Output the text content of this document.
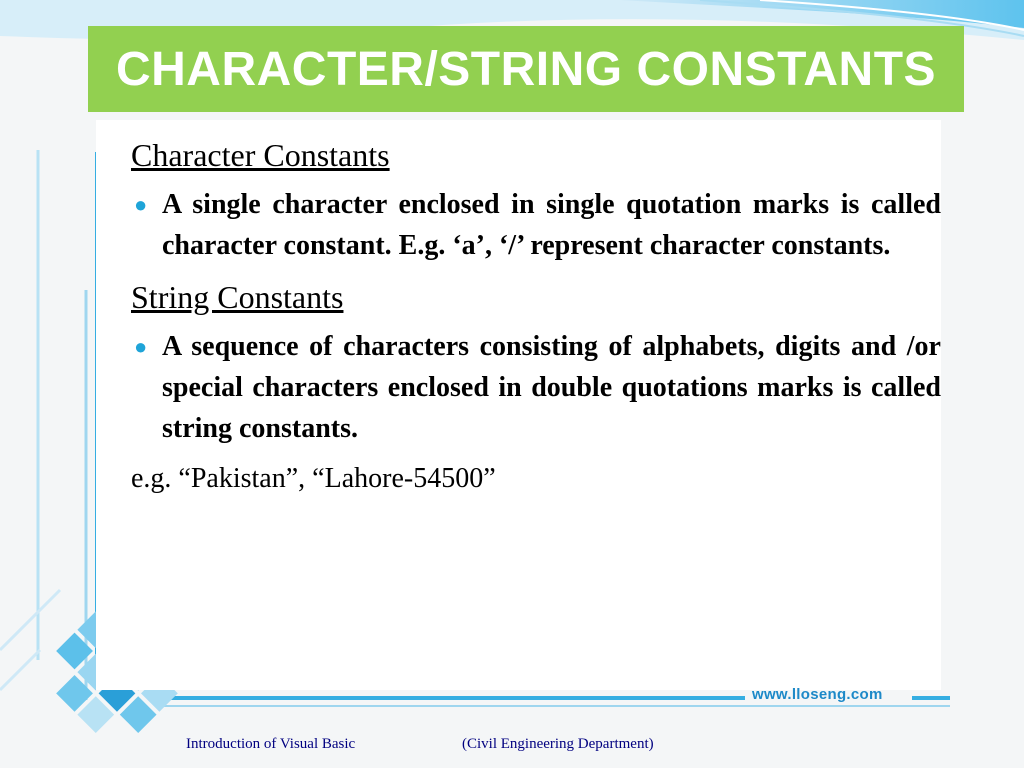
CHARACTER/STRING CONSTANTS

Character Constants

● A single character enclosed in single quotation marks is called character constant. E.g. ‘a’, ‘/’ represent character constants.

String Constants

● A sequence of characters consisting of alphabets, digits and /or special characters enclosed in double quotations marks is called string constants.

e.g. “Pakistan”, “Lahore-54500”

www.lloseng.com
Introduction of Visual Basic	(Civil Engineering Department)
